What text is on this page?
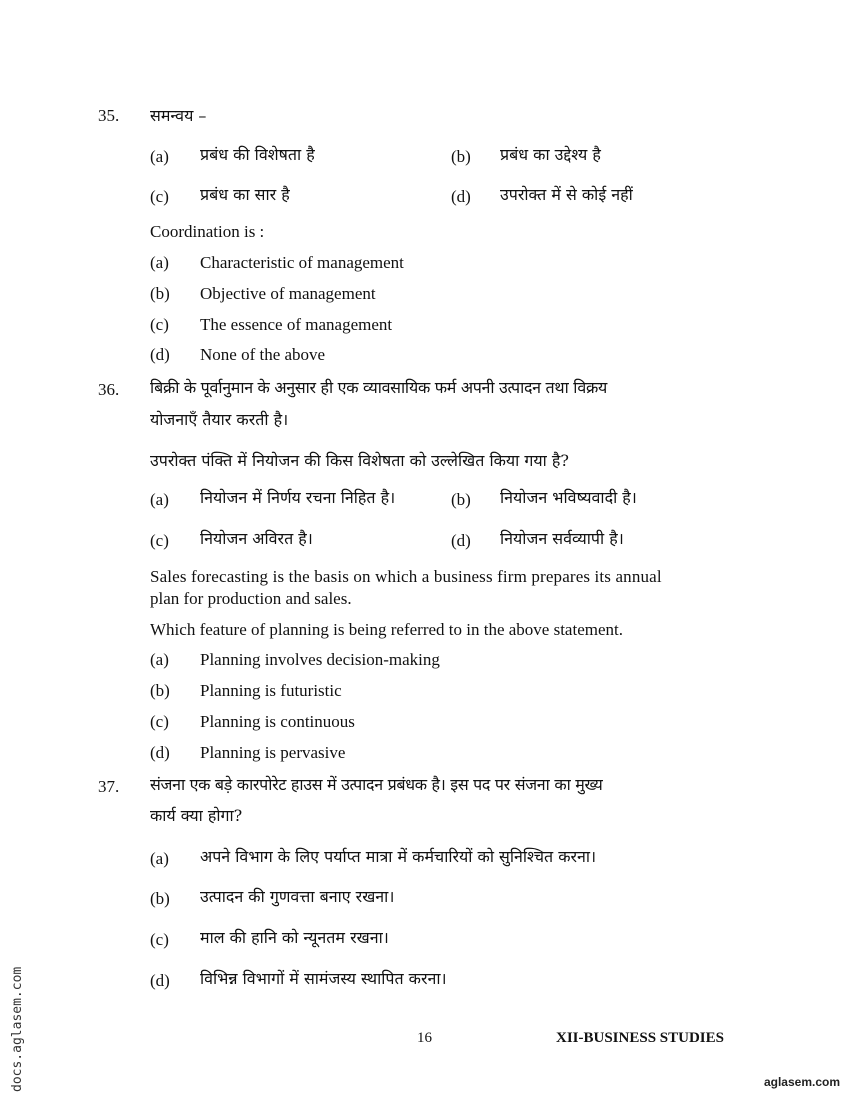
35. समन्वय –
(a) प्रबंध की विशेषता है	(b) प्रबंध का उद्देश्य है
(c) प्रबंध का सार है	(d) उपरोक्त में से कोई नहीं
Coordination is :
(a) Characteristic of management
(b) Objective of management
(c) The essence of management
(d) None of the above
36. बिक्री के पूर्वानुमान के अनुसार ही एक व्यावसायिक फर्म अपनी उत्पादन तथा विक्रय
योजनाएँ तैयार करती है।
उपरोक्त पंक्ति में नियोजन की किस विशेषता को उल्लेखित किया गया है?
(a) नियोजन में निर्णय रचना निहित है।	(b) नियोजन भविष्यवादी है।
(c) नियोजन अविरत है।	(d) नियोजन सर्वव्यापी है।
Sales forecasting is the basis on which a business firm prepares its annual
plan for production and sales.
Which feature of planning is being referred to in the above statement.
(a) Planning involves decision-making
(b) Planning is futuristic
(c) Planning is continuous
(d) Planning is pervasive
37. संजना एक बड़े कारपोरेट हाउस में उत्पादन प्रबंधक है। इस पद पर संजना का मुख्य
कार्य क्या होगा?
(a) अपने विभाग के लिए पर्याप्त मात्रा में कर्मचारियों को सुनिश्चित करना।
(b) उत्पादन की गुणवत्ता बनाए रखना।
(c) माल की हानि को न्यूनतम रखना।
(d) विभिन्न विभागों में सामंजस्य स्थापित करना।
16	XII-BUSINESS STUDIES
docs.aglasem.com	aglasem.com
